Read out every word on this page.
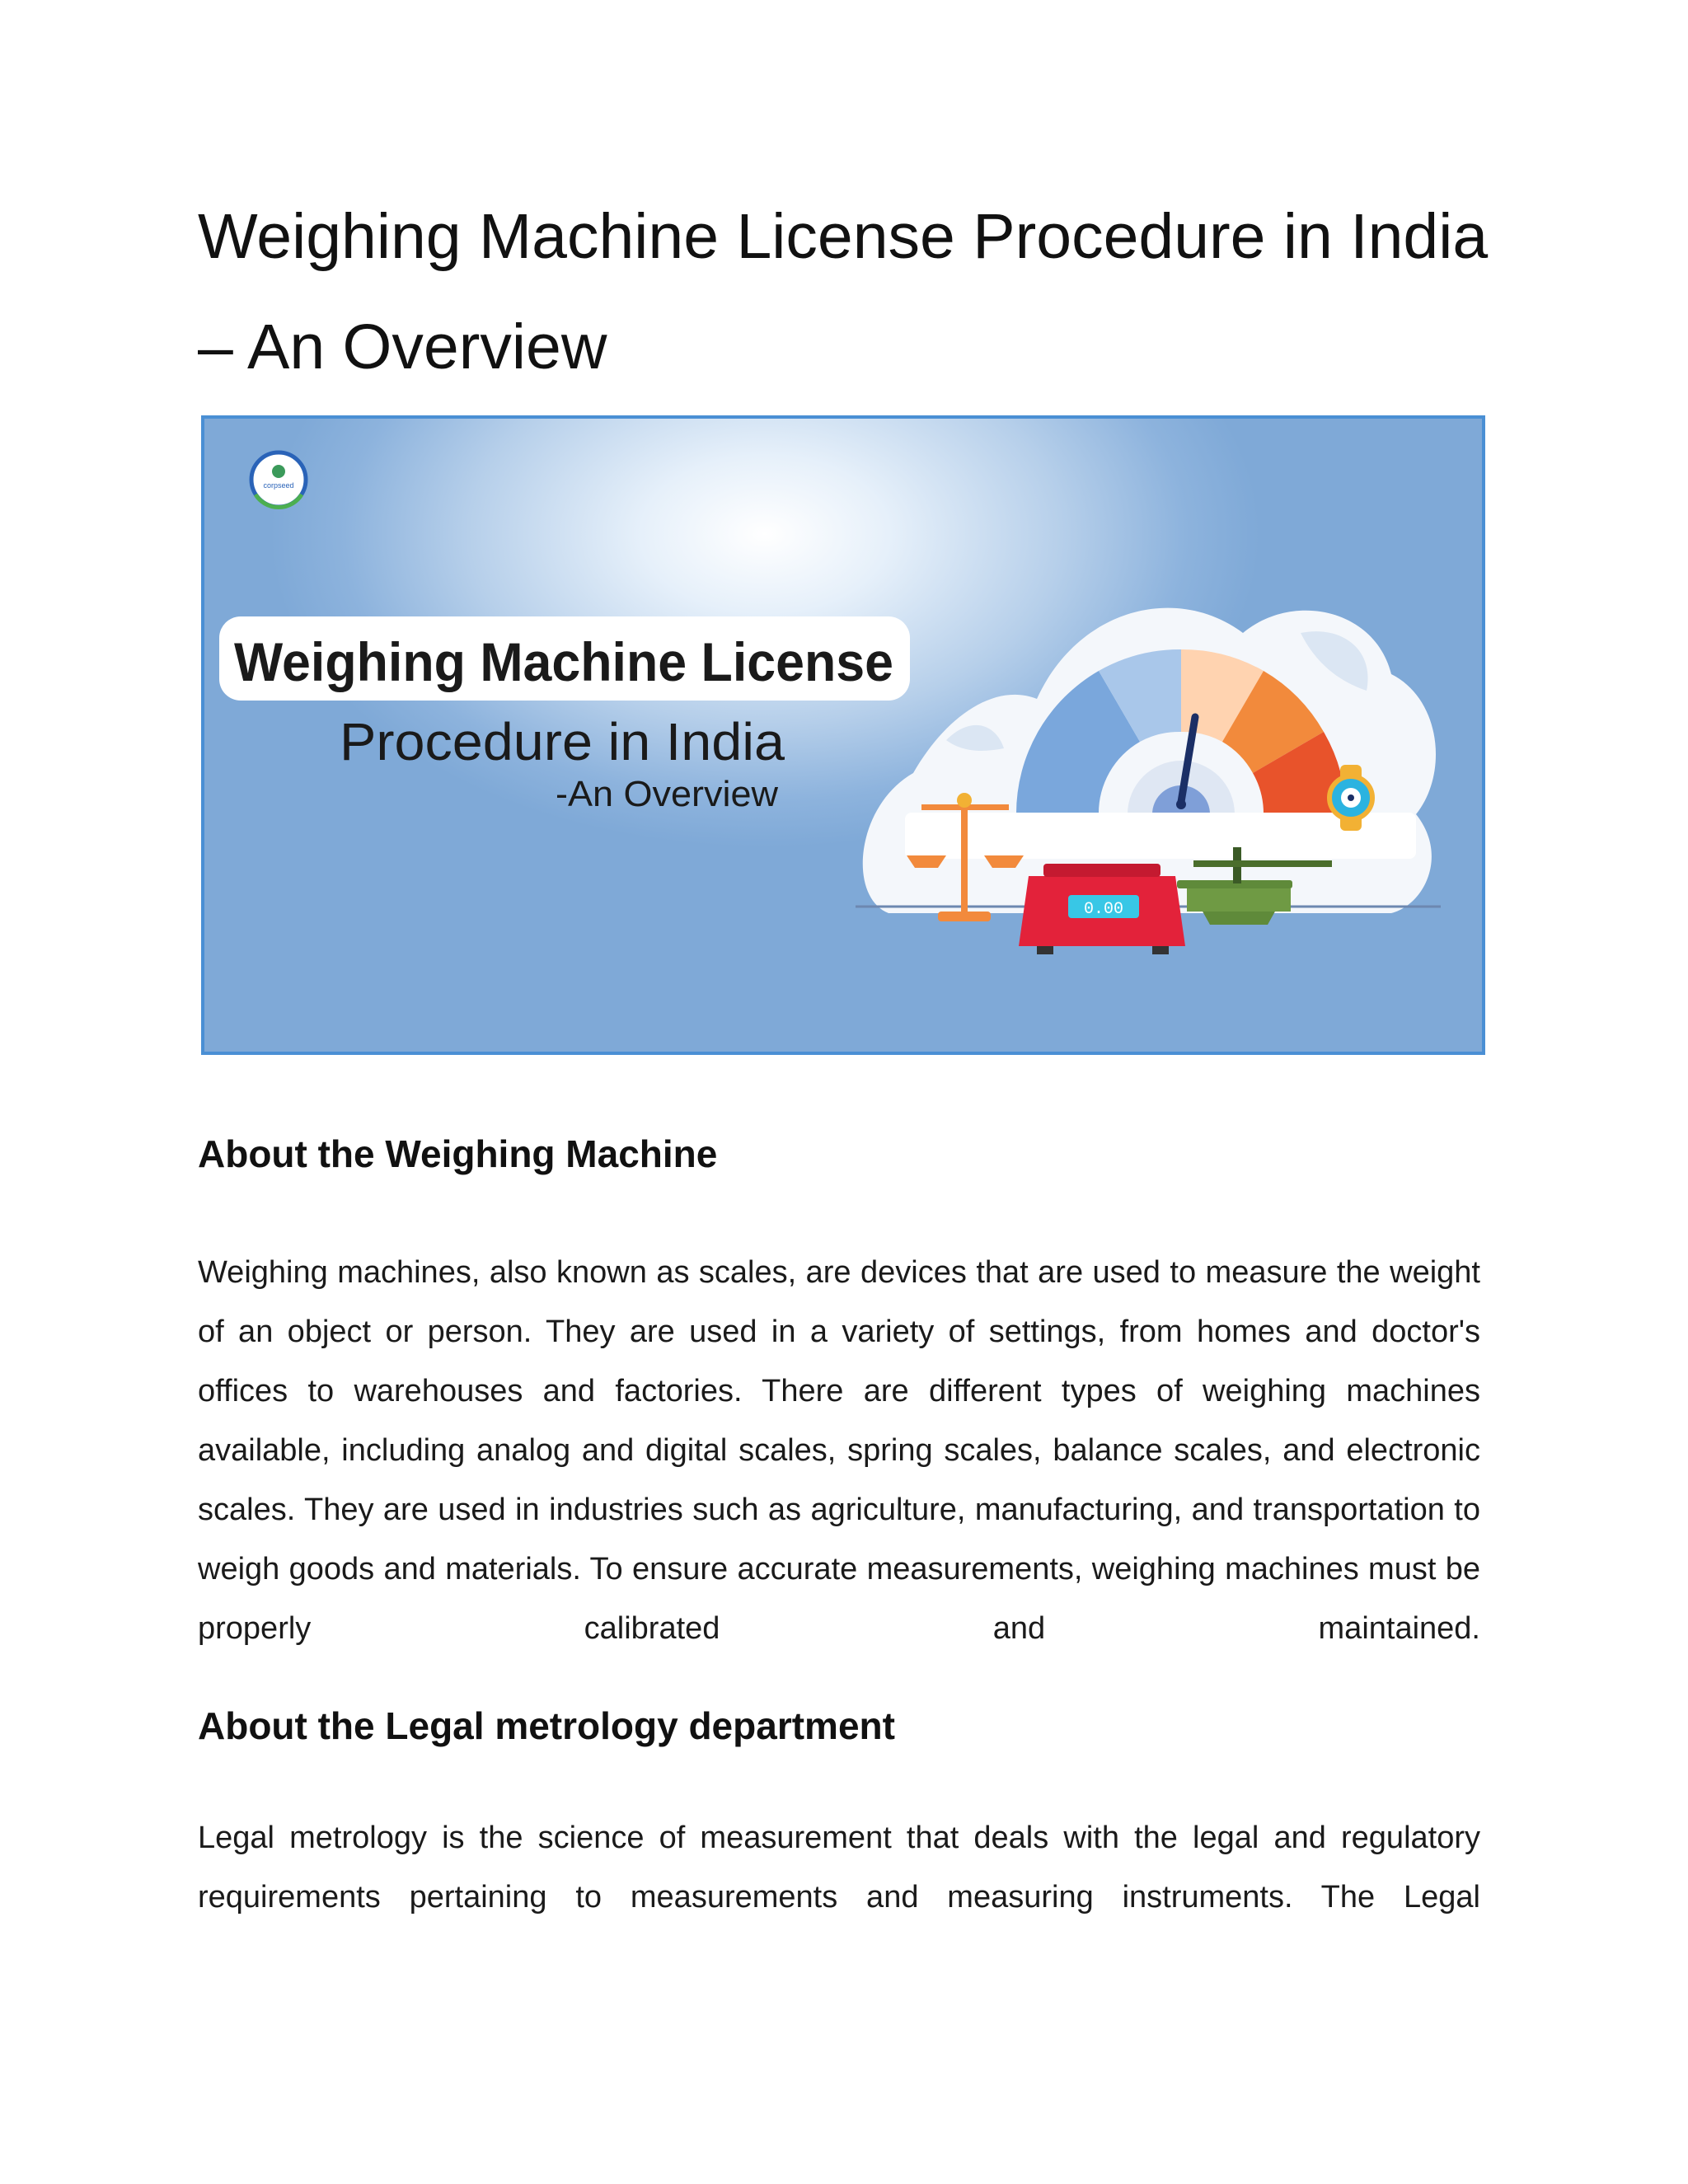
Weighing Machine License Procedure in India – An Overview
corpseed
Weighing Machine License
Procedure in India
-An Overview
0.00
About the Weighing Machine

Weighing machines, also known as scales, are devices that are used to measure the weight of an object or person. They are used in a variety of settings, from homes and doctor's offices to warehouses and factories. There are different types of weighing machines available, including analog and digital scales, spring scales, balance scales, and electronic scales. They are used in industries such as agriculture, manufacturing, and transportation to weigh goods and materials. To ensure accurate measurements, weighing machines must be properly calibrated and maintained.

About the Legal metrology department

Legal metrology is the science of measurement that deals with the legal and regulatory requirements pertaining to measurements and measuring instruments. The Legal
